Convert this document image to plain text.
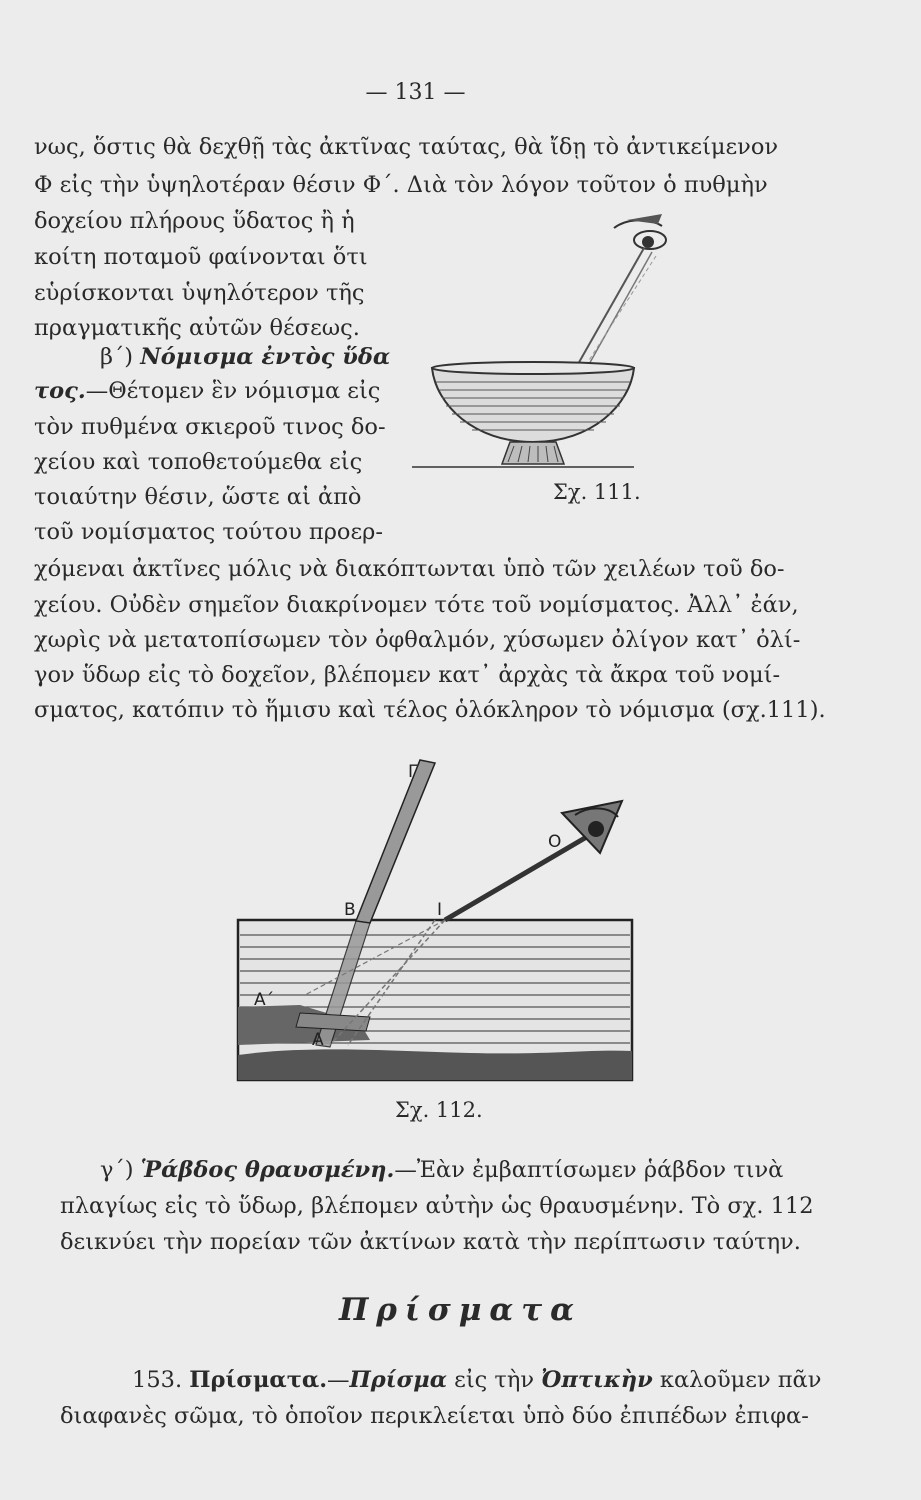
— 131 —
νως, ὅστις θὰ δεχθῇ τὰς ἀκτῖνας ταύτας, θὰ ἴδῃ τὸ ἀντικείμενον
Φ εἰς τὴν ὑψηλοτέραν θέσιν Φ΄. Διὰ τὸν λόγον τοῦτον ὁ πυθμὴν
δοχείου πλήρους ὕδατος ἢ ἡ
κοίτη ποταμοῦ φαίνονται ὅτι
εὑρίσκονται ὑψηλότερον τῆς
πραγματικῆς αὐτῶν θέσεως.
β΄) Νόμισμα ἐντὸς ὕδα
τος.—Θέτομεν ἓν νόμισμα εἰς
τὸν πυθμένα σκιεροῦ τινος δο-
χείου καὶ τοποθετούμεθα εἰς
τοιαύτην θέσιν, ὥστε αἱ ἀπὸ
τοῦ νομίσματος τούτου προερ-
χόμεναι ἀκτῖνες μόλις νὰ διακόπτωνται ὑπὸ τῶν χειλέων τοῦ δο-
χείου. Οὐδὲν σημεῖον διακρίνομεν τότε τοῦ νομίσματος. Ἀλλ᾿ ἐάν,
χωρὶς νὰ μετατοπίσωμεν τὸν ὀφθαλμόν, χύσωμεν ὀλίγον κατ᾿ ὀλί-
γον ὕδωρ εἰς τὸ δοχεῖον, βλέπομεν κατ᾿ ἀρχὰς τὰ ἄκρα τοῦ νομί-
σματος, κατόπιν τὸ ἥμισυ καὶ τέλος ὁλόκληρον τὸ νόμισμα (σχ.111).
Σχ. 111.
Γ
Ο
Β	Ι
Α΄
Α
Σχ. 112.
γ΄) Ῥάβδος θραυσμένη.—Ἐὰν ἐμβαπτίσωμεν ῥάβδον τινὰ
πλαγίως εἰς τὸ ὕδωρ, βλέπομεν αὐτὴν ὡς θραυσμένην. Τὸ σχ. 112
δεικνύει τὴν πορείαν τῶν ἀκτίνων κατὰ τὴν περίπτωσιν ταύτην.
Πρίσματα
153. Πρίσματα.—Πρίσμα εἰς τὴν Ὀπτικὴν καλοῦμεν πᾶν
διαφανὲς σῶμα, τὸ ὁποῖον περικλείεται ὑπὸ δύο ἐπιπέδων ἐπιφα-
